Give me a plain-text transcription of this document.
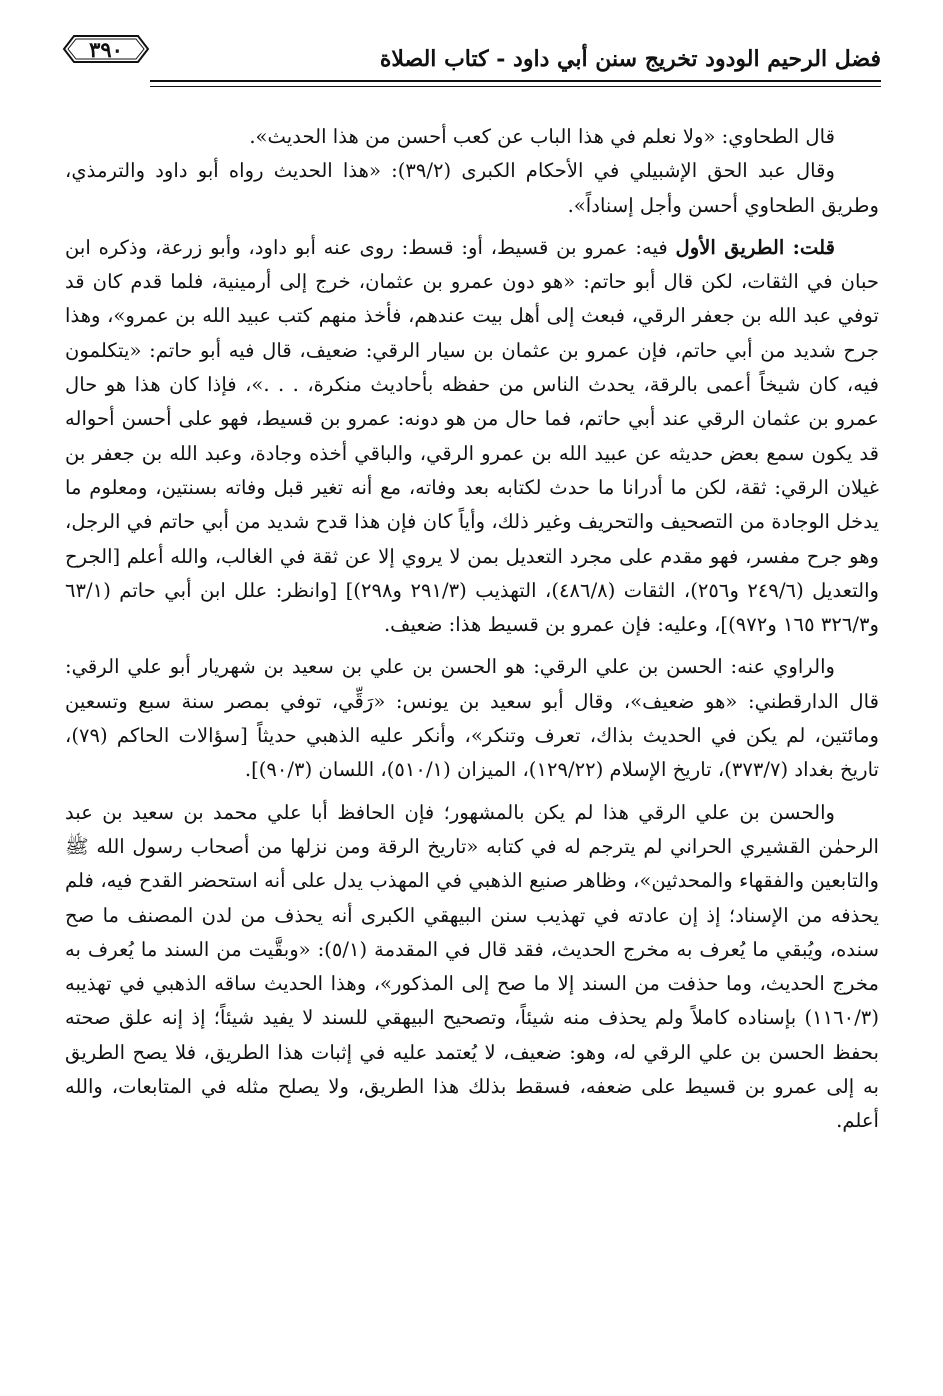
فضل الرحيم الودود تخريج سنن أبي داود - كتاب الصلاة
٣٩٠

قال الطحاوي: «ولا نعلم في هذا الباب عن كعب أحسن من هذا الحديث».

وقال عبد الحق الإشبيلي في الأحكام الكبرى (٣٩/٢): «هذا الحديث رواه أبو داود والترمذي، وطريق الطحاوي أحسن وأجل إسناداً».

قلت: الطريق الأول فيه: عمرو بن قسيط، أو: قسط: روى عنه أبو داود، وأبو زرعة، وذكره ابن حبان في الثقات، لكن قال أبو حاتم: «هو دون عمرو بن عثمان، خرج إلى أرمينية، فلما قدم كان قد توفي عبد الله بن جعفر الرقي، فبعث إلى أهل بيت عندهم، فأخذ منهم كتب عبيد الله بن عمرو»، وهذا جرح شديد من أبي حاتم، فإن عمرو بن عثمان بن سيار الرقي: ضعيف، قال فيه أبو حاتم: «يتكلمون فيه، كان شيخاً أعمى بالرقة، يحدث الناس من حفظه بأحاديث منكرة، . . .»، فإذا كان هذا هو حال عمرو بن عثمان الرقي عند أبي حاتم، فما حال من هو دونه: عمرو بن قسيط، فهو على أحسن أحواله قد يكون سمع بعض حديثه عن عبيد الله بن عمرو الرقي، والباقي أخذه وجادة، وعبد الله بن جعفر بن غيلان الرقي: ثقة، لكن ما أدرانا ما حدث لكتابه بعد وفاته، مع أنه تغير قبل وفاته بسنتين، ومعلوم ما يدخل الوجادة من التصحيف والتحريف وغير ذلك، وأياً كان فإن هذا قدح شديد من أبي حاتم في الرجل، وهو جرح مفسر، فهو مقدم على مجرد التعديل بمن لا يروي إلا عن ثقة في الغالب، والله أعلم [الجرح والتعديل (٢٤٩/٦ و٢٥٦)، الثقات (٤٨٦/٨)، التهذيب (٢٩١/٣ و٢٩٨)] [وانظر: علل ابن أبي حاتم (٦٣/١ و٣٢٦/٣ ١٦٥ و٩٧٢)]، وعليه: فإن عمرو بن قسيط هذا: ضعيف.

والراوي عنه: الحسن بن علي الرقي: هو الحسن بن علي بن سعيد بن شهريار أبو علي الرقي: قال الدارقطني: «هو ضعيف»، وقال أبو سعيد بن يونس: «رَقِّي، توفي بمصر سنة سبع وتسعين ومائتين، لم يكن في الحديث بذاك، تعرف وتنكر»، وأنكر عليه الذهبي حديثاً [سؤالات الحاكم (٧٩)، تاريخ بغداد (٣٧٣/٧)، تاريخ الإسلام (١٢٩/٢٢)، الميزان (٥١٠/١)، اللسان (٩٠/٣)].

والحسن بن علي الرقي هذا لم يكن بالمشهور؛ فإن الحافظ أبا علي محمد بن سعيد بن عبد الرحمٰن القشيري الحراني لم يترجم له في كتابه «تاريخ الرقة ومن نزلها من أصحاب رسول الله ﷺ والتابعين والفقهاء والمحدثين»، وظاهر صنيع الذهبي في المهذب يدل على أنه استحضر القدح فيه، فلم يحذفه من الإسناد؛ إذ إن عادته في تهذيب سنن البيهقي الكبرى أنه يحذف من لدن المصنف ما صح سنده، ويُبقي ما يُعرف به مخرج الحديث، فقد قال في المقدمة (٥/١): «وبقَّيت من السند ما يُعرف به مخرج الحديث، وما حذفت من السند إلا ما صح إلى المذكور»، وهذا الحديث ساقه الذهبي في تهذيبه (١١٦٠/٣) بإسناده كاملاً ولم يحذف منه شيئاً، وتصحيح البيهقي للسند لا يفيد شيئاً؛ إذ إنه علق صحته بحفظ الحسن بن علي الرقي له، وهو: ضعيف، لا يُعتمد عليه في إثبات هذا الطريق، فلا يصح الطريق به إلى عمرو بن قسيط على ضعفه، فسقط بذلك هذا الطريق، ولا يصلح مثله في المتابعات، والله أعلم.
